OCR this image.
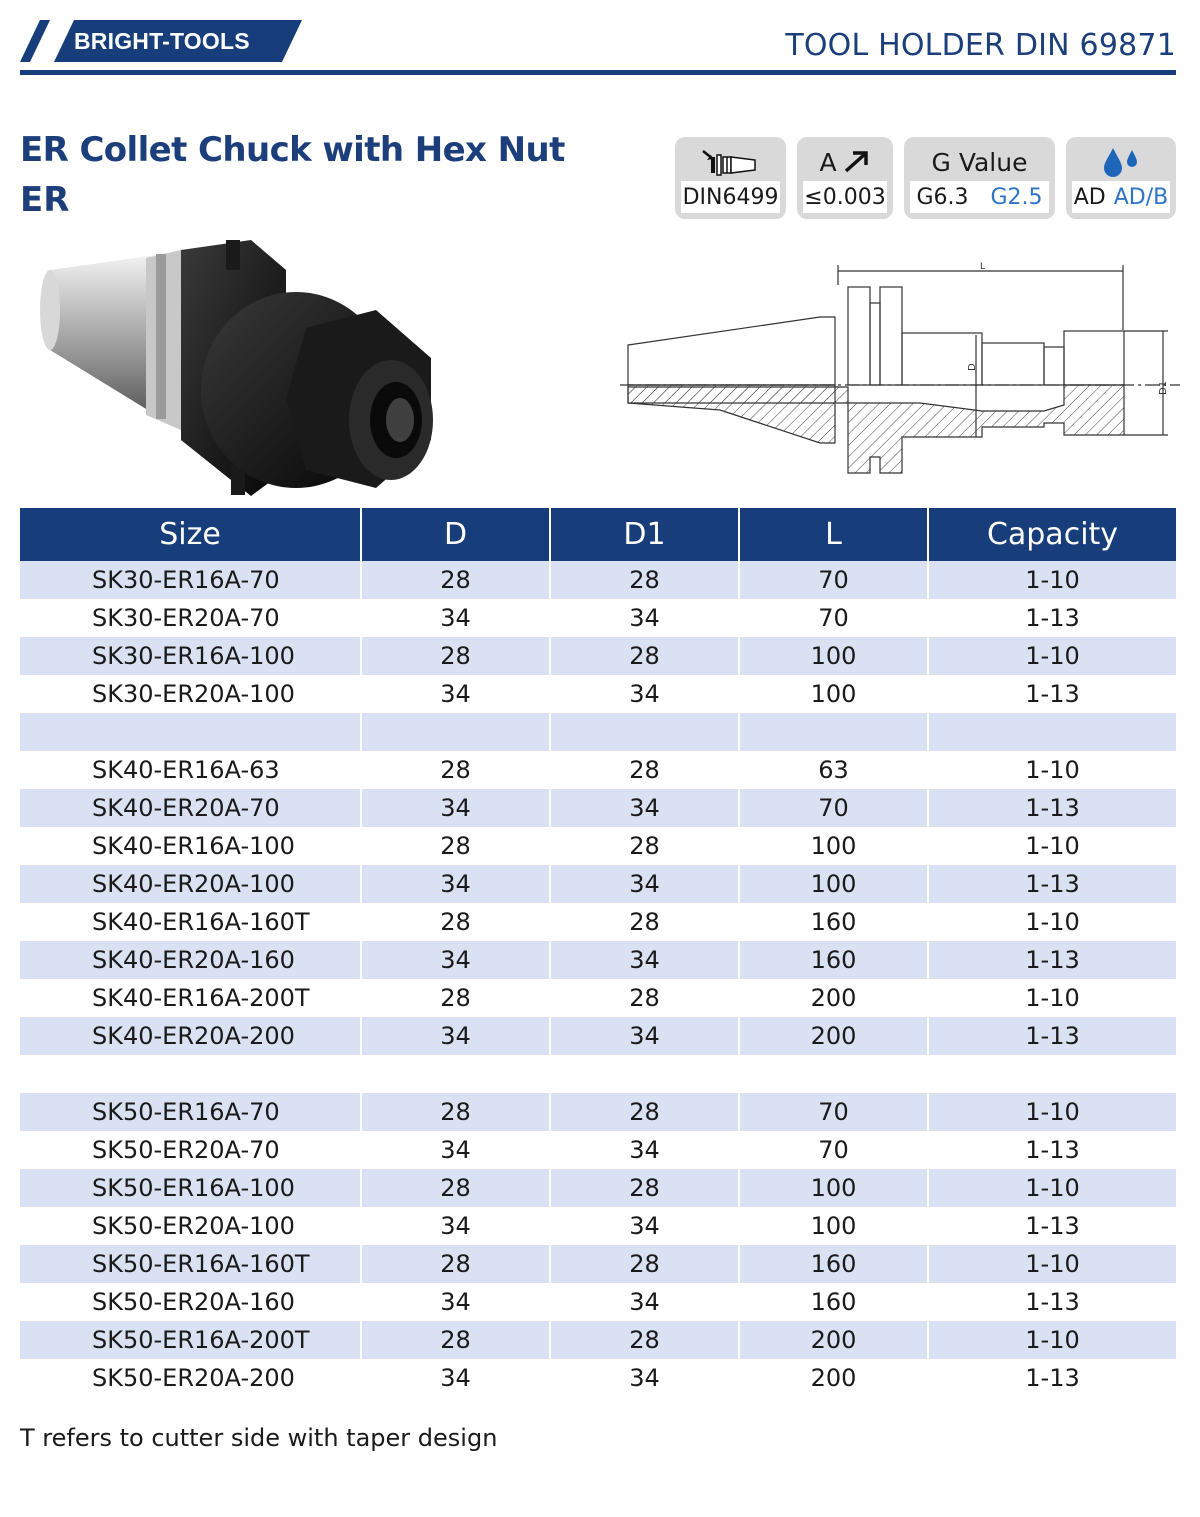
BRIGHT-TOOLS	TOOL HOLDER DIN 69871
ER Collet Chuck with Hex Nut
ER	DIN6499
A
≤0.003
G Value
G6.3 G2.5 AD AD/B
L
D
D1
Size	D	D1	L	Capacity
SK30-ER16A-70	28	28	70	1-10
SK30-ER20A-70	34	34	70	1-13
SK30-ER16A-100	28	28	100	1-10
SK30-ER20A-100	34	34	100	1-13

SK40-ER16A-63	28	28	63	1-10
SK40-ER20A-70	34	34	70	1-13
SK40-ER16A-100	28	28	100	1-10
SK40-ER20A-100	34	34	100	1-13
SK40-ER16A-160T	28	28	160	1-10
SK40-ER20A-160	34	34	160	1-13
SK40-ER16A-200T	28	28	200	1-10
SK40-ER20A-200	34	34	200	1-13

SK50-ER16A-70	28	28	70	1-10
SK50-ER20A-70	34	34	70	1-13
SK50-ER16A-100	28	28	100	1-10
SK50-ER20A-100	34	34	100	1-13
SK50-ER16A-160T	28	28	160	1-10
SK50-ER20A-160	34	34	160	1-13
SK50-ER16A-200T	28	28	200	1-10
SK50-ER20A-200	34	34	200	1-13
T refers to cutter side with taper design
